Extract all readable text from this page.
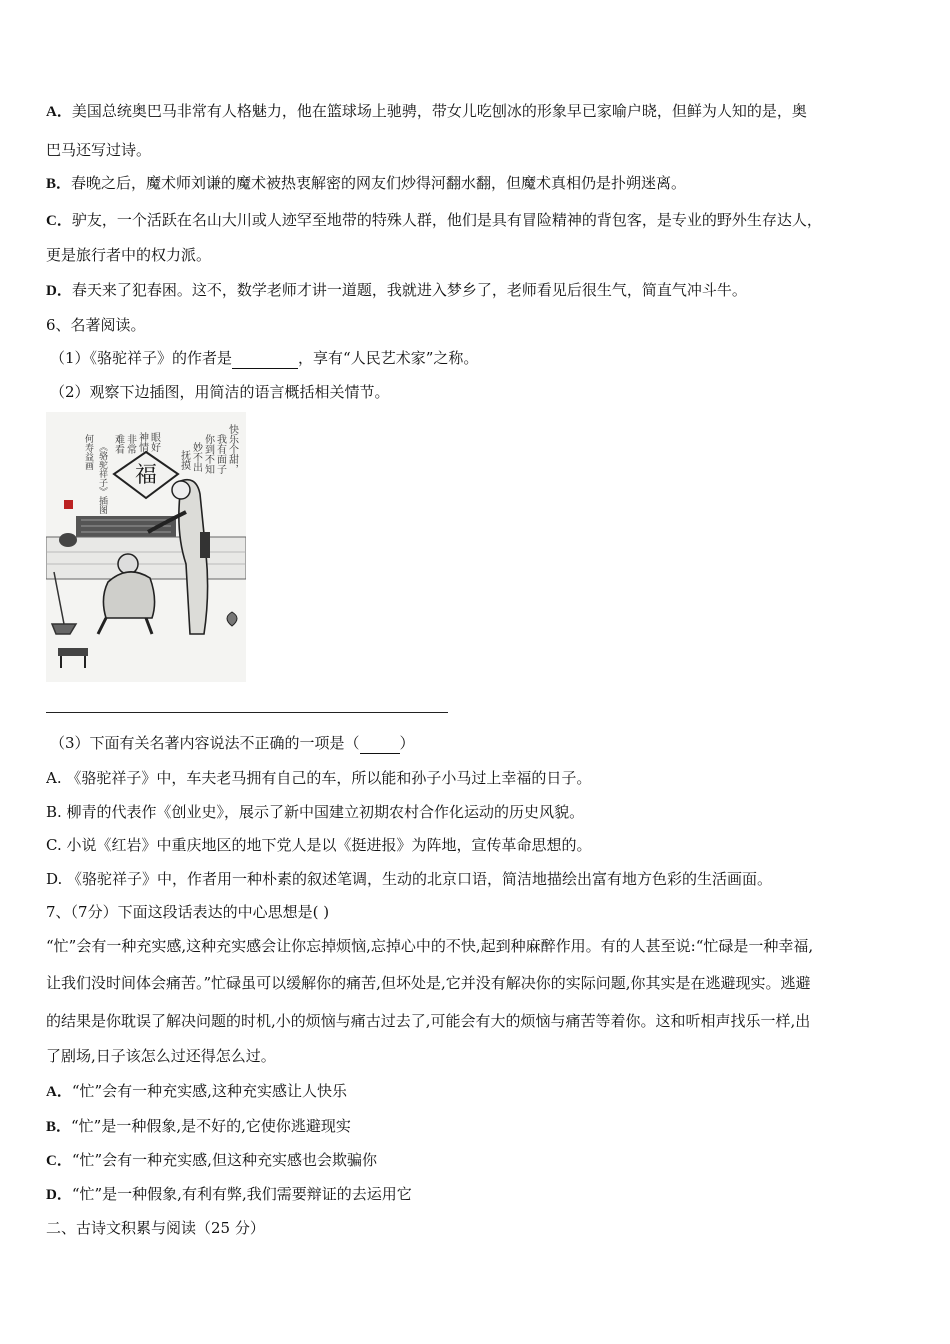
A．美国总统奥巴马非常有人格魅力，他在篮球场上驰骋，带女儿吃刨冰的形象早已家喻户晓，但鲜为人知的是，奥
巴马还写过诗。
B．春晚之后，魔术师刘谦的魔术被热衷解密的网友们炒得河翻水翻，但魔术真相仍是扑朔迷离。
C．驴友，一个活跃在名山大川或人迹罕至地带的特殊人群，他们是具有冒险精神的背包客，是专业的野外生存达人，
更是旅行者中的权力派。
D．春天来了犯春困。这不，数学老师才讲一道题，我就进入梦乡了，老师看见后很生气，简直气冲斗牛。
6、名著阅读。
（1）《骆驼祥子》的作者是	，享有“人民艺术家”之称。
（2）观察下边插图，用简洁的语言概括相关情节。
快乐个甜，
我有面子
你到不知
妙不出
抚摸
眼好
神情
非常
难看
《骆驼祥子》插图
何寿益画
福
（3）下面有关名著内容说法不正确的一项是（	）
A. 《骆驼祥子》中，车夫老马拥有自己的车，所以能和孙子小马过上幸福的日子。
B. 柳青的代表作《创业史》，展示了新中国建立初期农村合作化运动的历史风貌。
C. 小说《红岩》中重庆地区的地下党人是以《挺进报》为阵地，宣传革命思想的。
D. 《骆驼祥子》中，作者用一种朴素的叙述笔调，生动的北京口语，简洁地描绘出富有地方色彩的生活画面。
7、（7分）下面这段话表达的中心思想是( )
“忙”会有一种充实感,这种充实感会让你忘掉烦恼,忘掉心中的不快,起到种麻醉作用。有的人甚至说:“忙碌是一种幸福,
让我们没时间体会痛苦。”忙碌虽可以缓解你的痛苦,但坏处是,它并没有解决你的实际问题,你其实是在逃避现实。逃避
的结果是你耽误了解决问题的时机,小的烦恼与痛古过去了,可能会有大的烦恼与痛苦等着你。这和听相声找乐一样,出
了剧场,日子该怎么过还得怎么过。
A．“忙”会有一种充实感,这种充实感让人快乐
B．“忙”是一种假象,是不好的,它使你逃避现实
C．“忙”会有一种充实感,但这种充实感也会欺骗你
D．“忙”是一种假象,有利有弊,我们需要辩证的去运用它
二、古诗文积累与阅读（25 分）
